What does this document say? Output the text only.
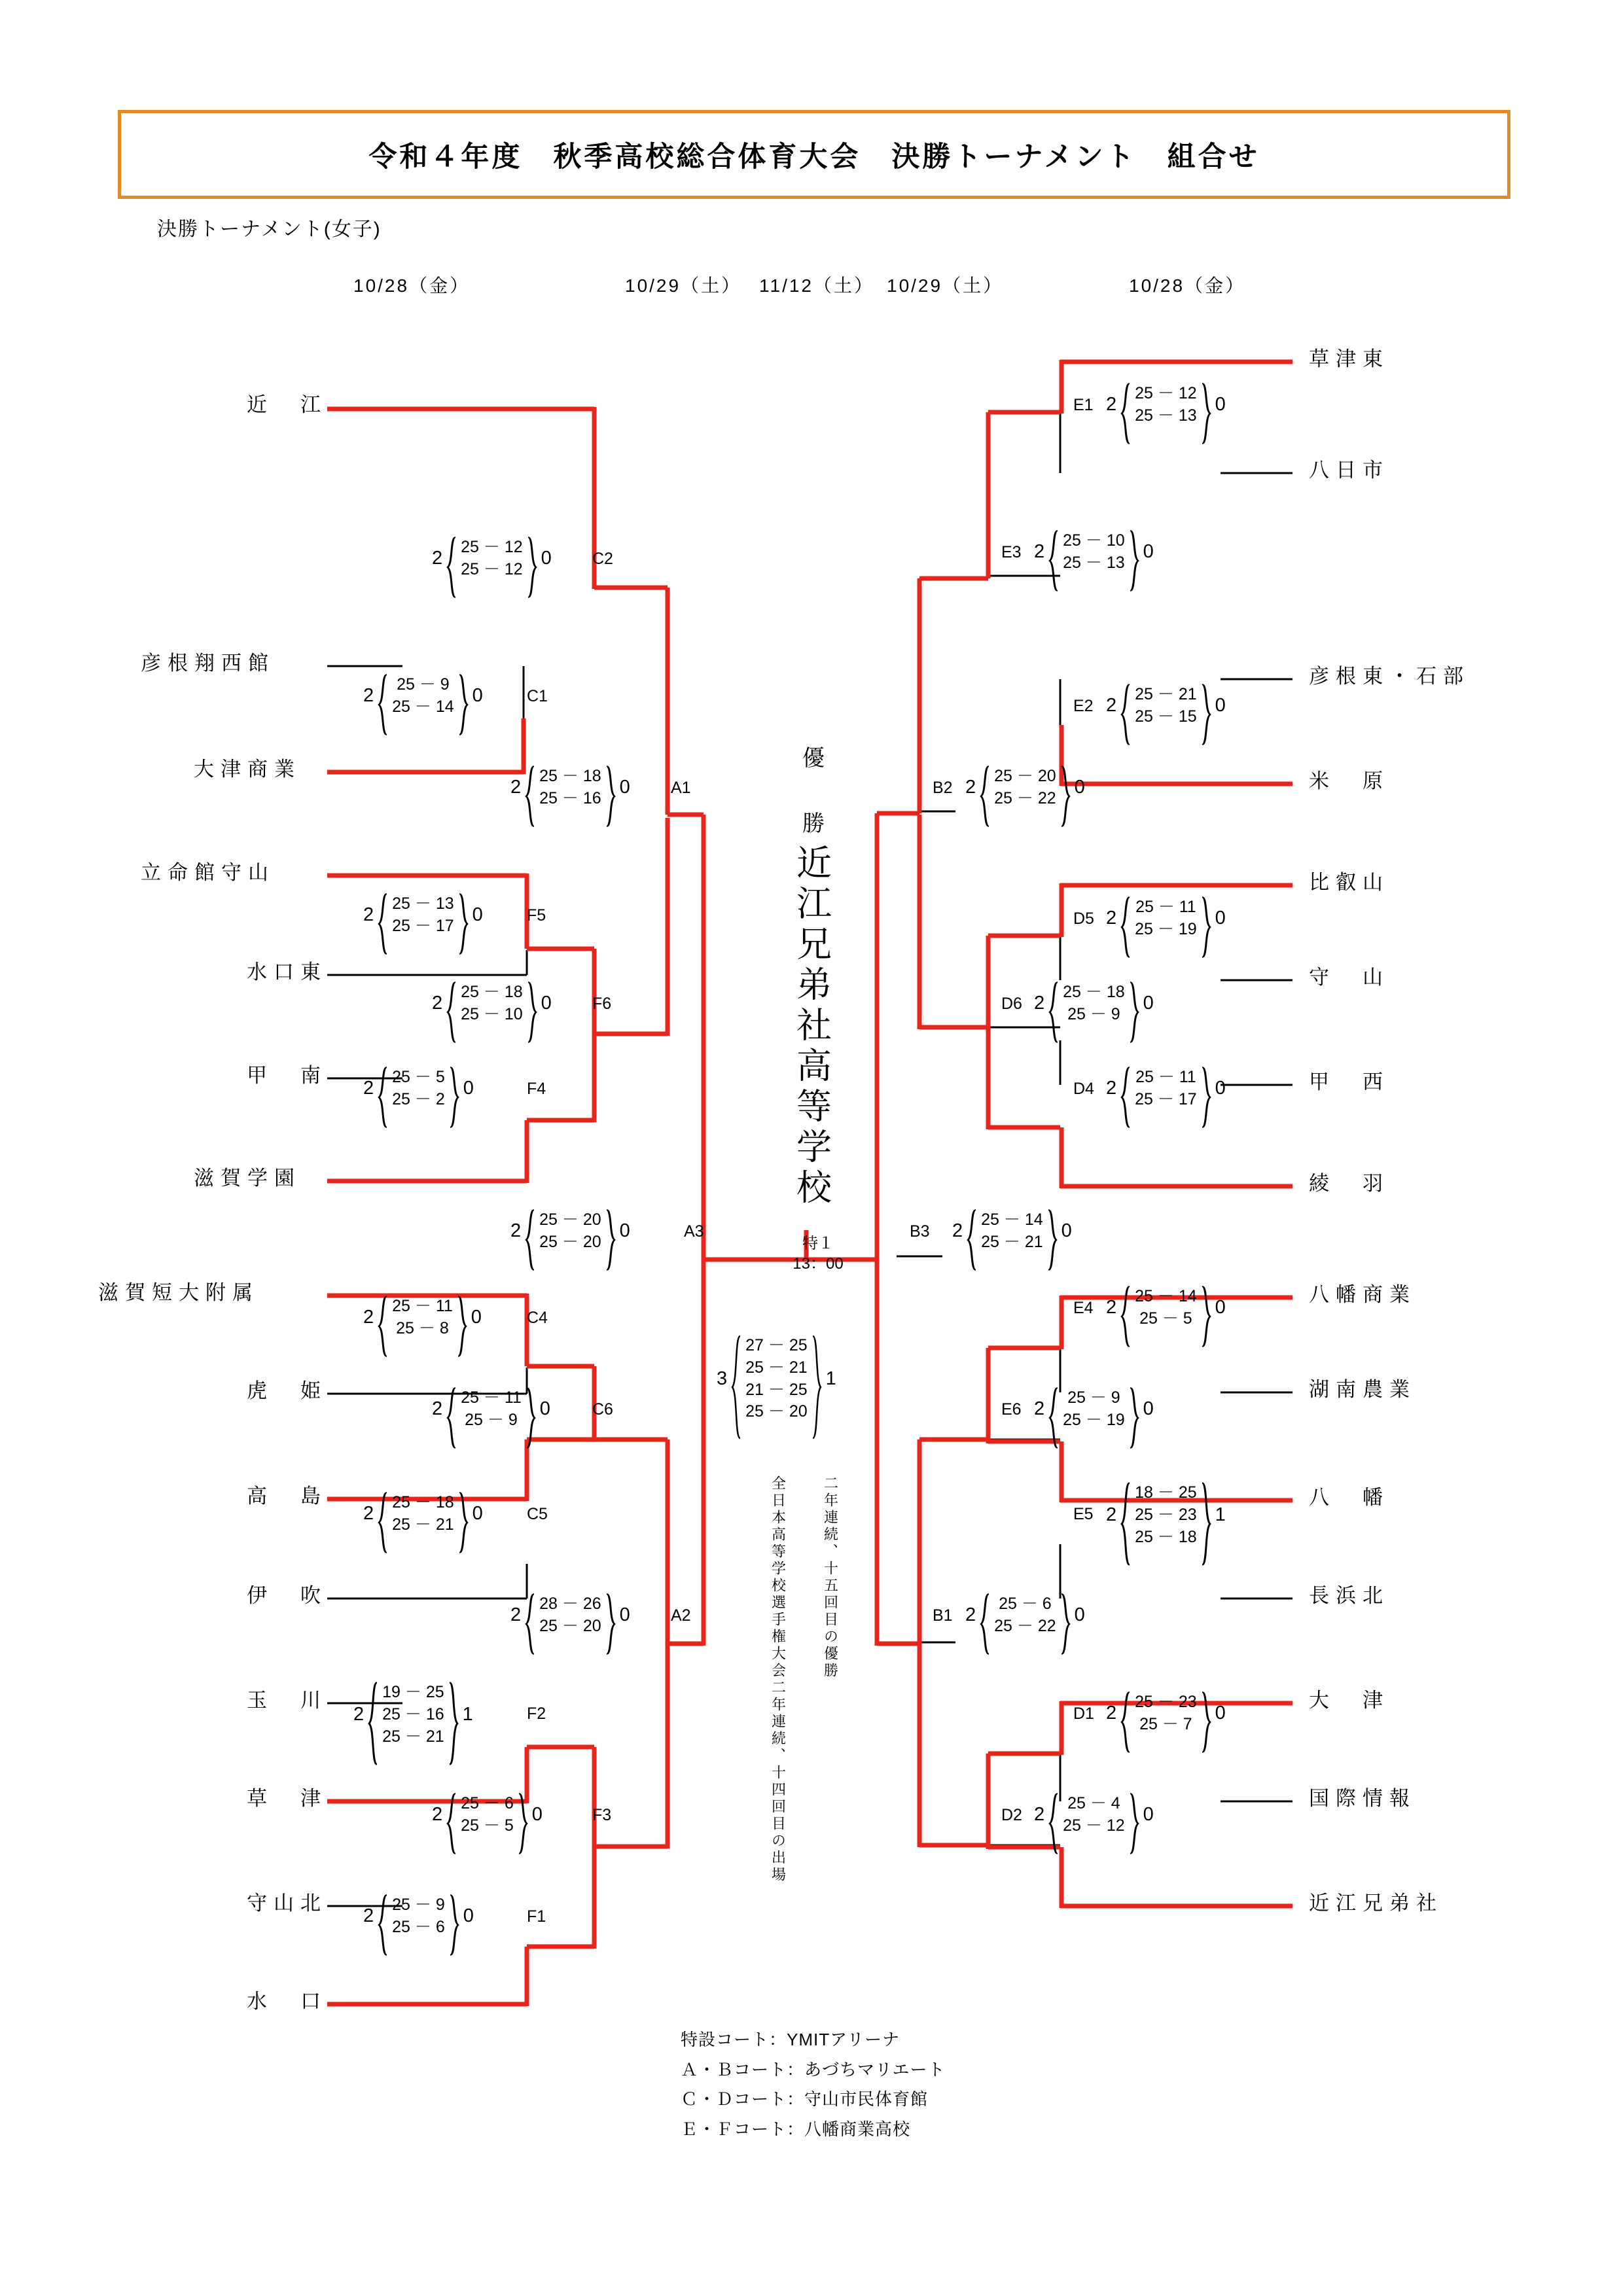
令和４年度　秋季高校総合体育大会　決勝トーナメント　組合せ
決勝トーナメント(女子)
10/28（金）	10/29（土） 11/12（土） 10/29（土）	10/28（金）
近　江
彦根翔西館
大津商業
立命館守山
水口東
甲　南
滋賀学園
滋賀短大附属
虎　姫
高　島
伊　吹
玉　川
草　津
守山北
水　口
草津東
八日市
彦根東・石部
米　原
比叡山
守　山
甲　西
綾　羽
八幡商業
湖南農業
八　幡
長浜北
大　津
国際情報
近江兄弟社
C2
2
25 － 12
25 － 12
0
C1
2
25 － 9
25 － 14
0
A1
2
25 － 18
25 － 16
0
F5
2
25 － 13
25 － 17
0
F6
2
25 － 18
25 － 10
0
F4
2
25 － 5
25 － 2
0
A3
2
25 － 20
25 － 20
0
C4
2
25 － 11
25 － 8
0
C6
2
25 － 11
25 － 9
0
C5
2
25 － 18
25 － 21
0
A2
2
28 － 26
25 － 20
0
F2
2
19 － 25
25 － 16
25 － 21
1
F3
2
25 － 6
25 － 5
0
F1
2
25 － 9
25 － 6
0
E1 2
25 － 12
25 － 13
0
E3 2
25 － 10
25 － 13
0
E2 2
25 － 21
25 － 15
0
B2 2
25 － 20
25 － 22
0
D5 2
25 － 11
25 － 19
0
D6 2
25 － 18
25 － 9
0
D4 2
25 － 11
25 － 17
0
B3 2
25 － 14
25 － 21
0
E4 2
25 － 14
25 － 5
0
E6 2
25 － 9
25 － 19
0
E5 2
18 － 25
25 － 23
25 － 18
1
B1 2
25 － 6
25 － 22
0
D1 2
25 － 23
25 － 7
0
D2 2
25 － 4
25 － 12
0
優　勝
近江兄弟社高等学校
特１
13：00
3
27 － 25
25 － 21
21 － 25
25 － 20
1
二年連続、十五回目の優勝
全日本高等学校選手権大会二年連続、十四回目の出場
特設コート：YMITアリーナ
Ａ・Ｂコート：あづちマリエート
Ｃ・Ｄコート：守山市民体育館
Ｅ・Ｆコート：八幡商業高校
